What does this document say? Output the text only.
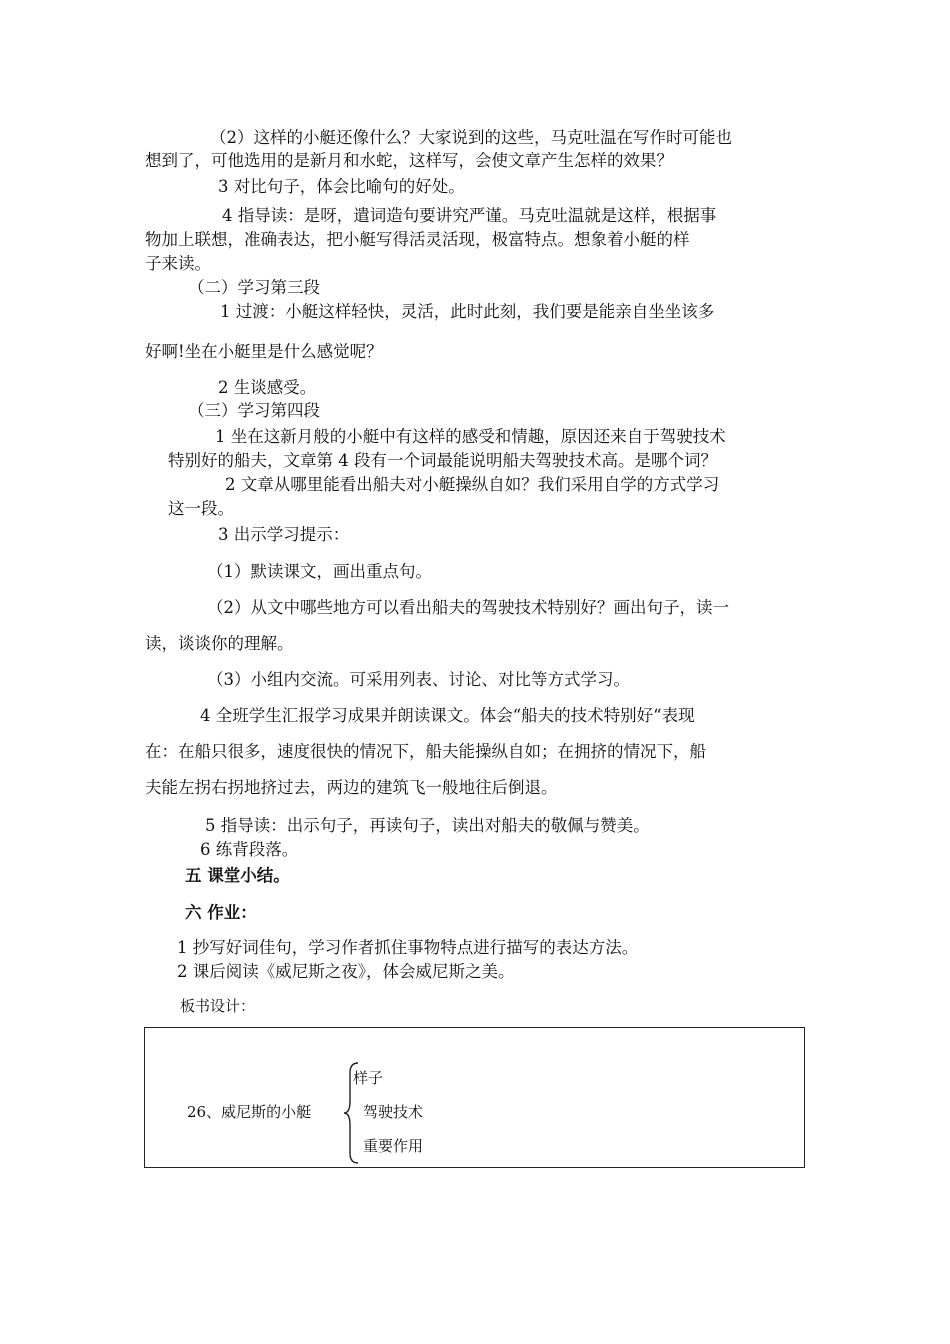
（2）这样的小艇还像什么？大家说到的这些，马克吐温在写作时可能也
想到了，可他选用的是新月和水蛇，这样写，会使文章产生怎样的效果？
3 对比句子，体会比喻句的好处。
4 指导读：是呀，遣词造句要讲究严谨。马克吐温就是这样，根据事
物加上联想，准确表达，把小艇写得活灵活现，极富特点。想象着小艇的样
子来读。
（二）学习第三段
1 过渡：小艇这样轻快，灵活，此时此刻，我们要是能亲自坐坐该多
好啊!坐在小艇里是什么感觉呢？
2 生谈感受。
（三）学习第四段
1 坐在这新月般的小艇中有这样的感受和情趣，原因还来自于驾驶技术
特别好的船夫，文章第 4 段有一个词最能说明船夫驾驶技术高。是哪个词？
2 文章从哪里能看出船夫对小艇操纵自如？我们采用自学的方式学习
这一段。
3 出示学习提示：
（1）默读课文，画出重点句。
（2）从文中哪些地方可以看出船夫的驾驶技术特别好？画出句子，读一
读，谈谈你的理解。
（3）小组内交流。可采用列表、讨论、对比等方式学习。
4 全班学生汇报学习成果并朗读课文。体会“船夫的技术特别好“表现
在：在船只很多，速度很快的情况下，船夫能操纵自如；在拥挤的情况下，船
夫能左拐右拐地挤过去，两边的建筑飞一般地往后倒退。
5 指导读：出示句子，再读句子，读出对船夫的敬佩与赞美。
6 练背段落。
五 课堂小结。
六 作业：
1 抄写好词佳句，学习作者抓住事物特点进行描写的表达方法。
2 课后阅读《威尼斯之夜》，体会威尼斯之美。
板书设计：
26、威尼斯的小艇
样子
驾驶技术
重要作用
